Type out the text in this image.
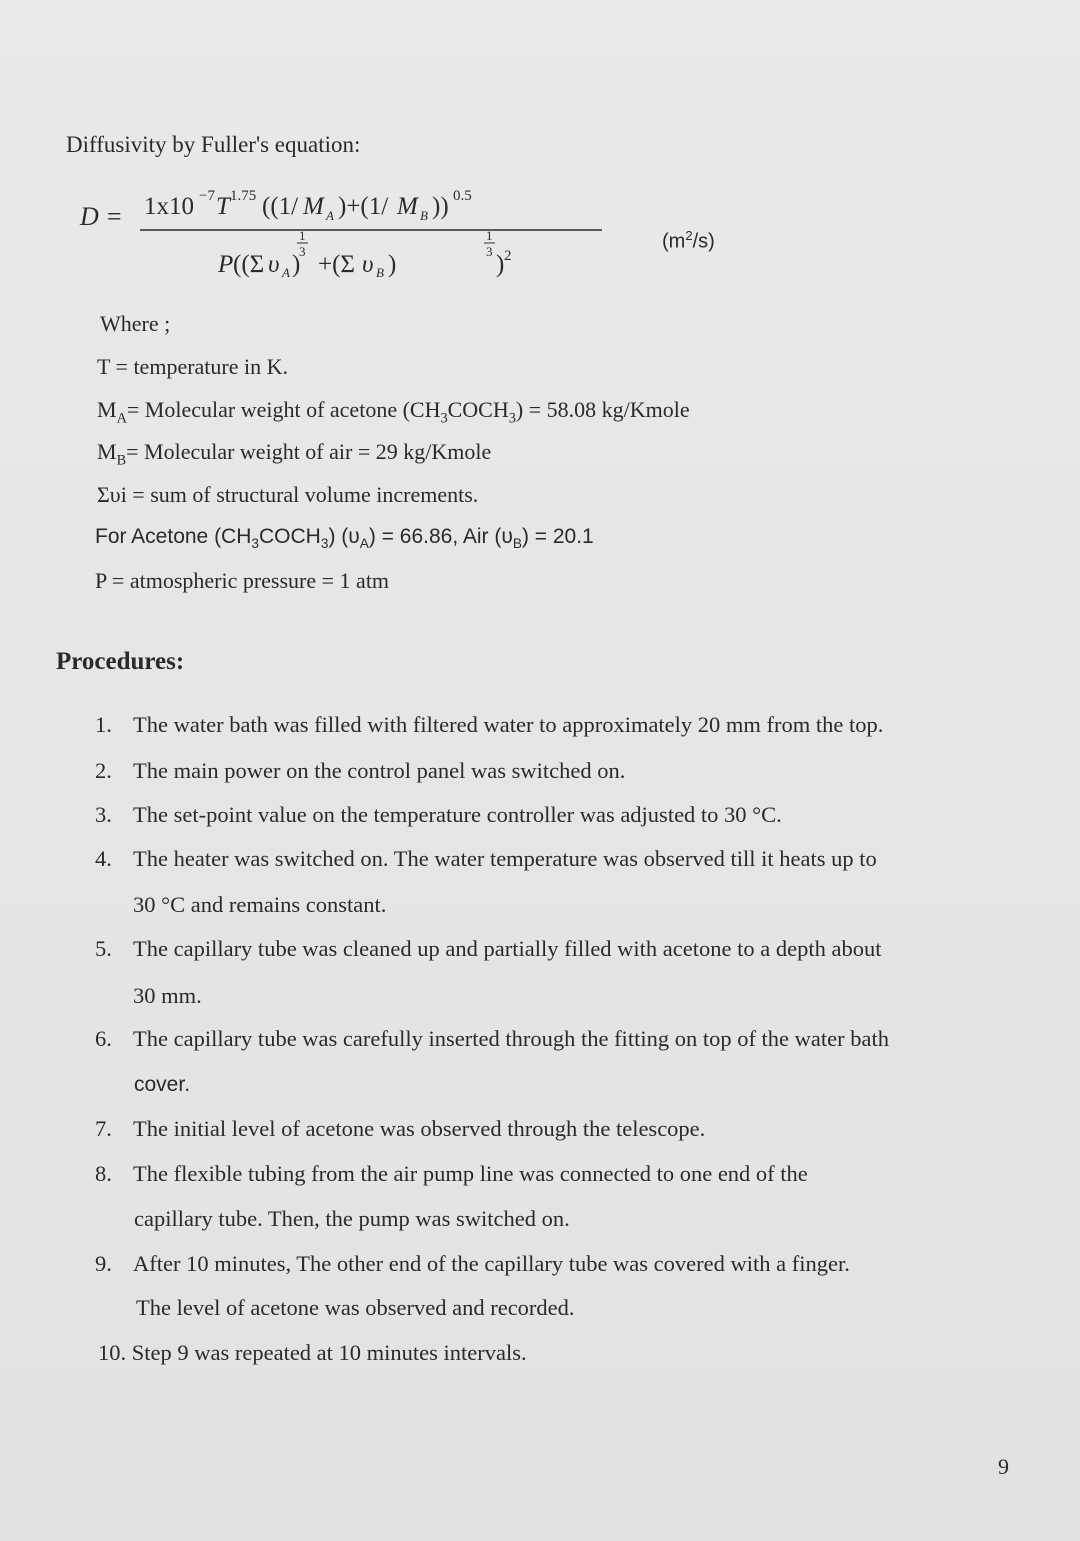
Diffusivity by Fuller's equation:
D = 1x10 −7 T 1.75 ((1/ M A )+(1/ M B )) 0.5
P ((Σ υ A )
1
3 +(Σ υ B )
1
3 ) 2
$(m^2/s)$
Where ;
T = temperature in K.
$M_A=$ Molecular weight of acetone $(CH_3COCH_3) = 58.08$ kg/Kmole
$M_B=$ Molecular weight of air = 29 kg/Kmole
Συi = sum of structural volume increments.
For Acetone $(CH_3COCH_3) (\upsilon_A) = 66.86$, Air $(\upsilon_B) = 20.1$
P = atmospheric pressure = 1 atm
Procedures:
1. The water bath was filled with filtered water to approximately 20 mm from the top.
2. The main power on the control panel was switched on.
3. The set-point value on the temperature controller was adjusted to 30 °C.
4. The heater was switched on. The water temperature was observed till it heats up to
30 °C and remains constant.
5. The capillary tube was cleaned up and partially filled with acetone to a depth about
30 mm.
6. The capillary tube was carefully inserted through the fitting on top of the water bath
cover.
7. The initial level of acetone was observed through the telescope.
8. The flexible tubing from the air pump line was connected to one end of the
capillary tube. Then, the pump was switched on.
9. After 10 minutes, The other end of the capillary tube was covered with a finger.
The level of acetone was observed and recorded.
10. Step 9 was repeated at 10 minutes intervals.
9
